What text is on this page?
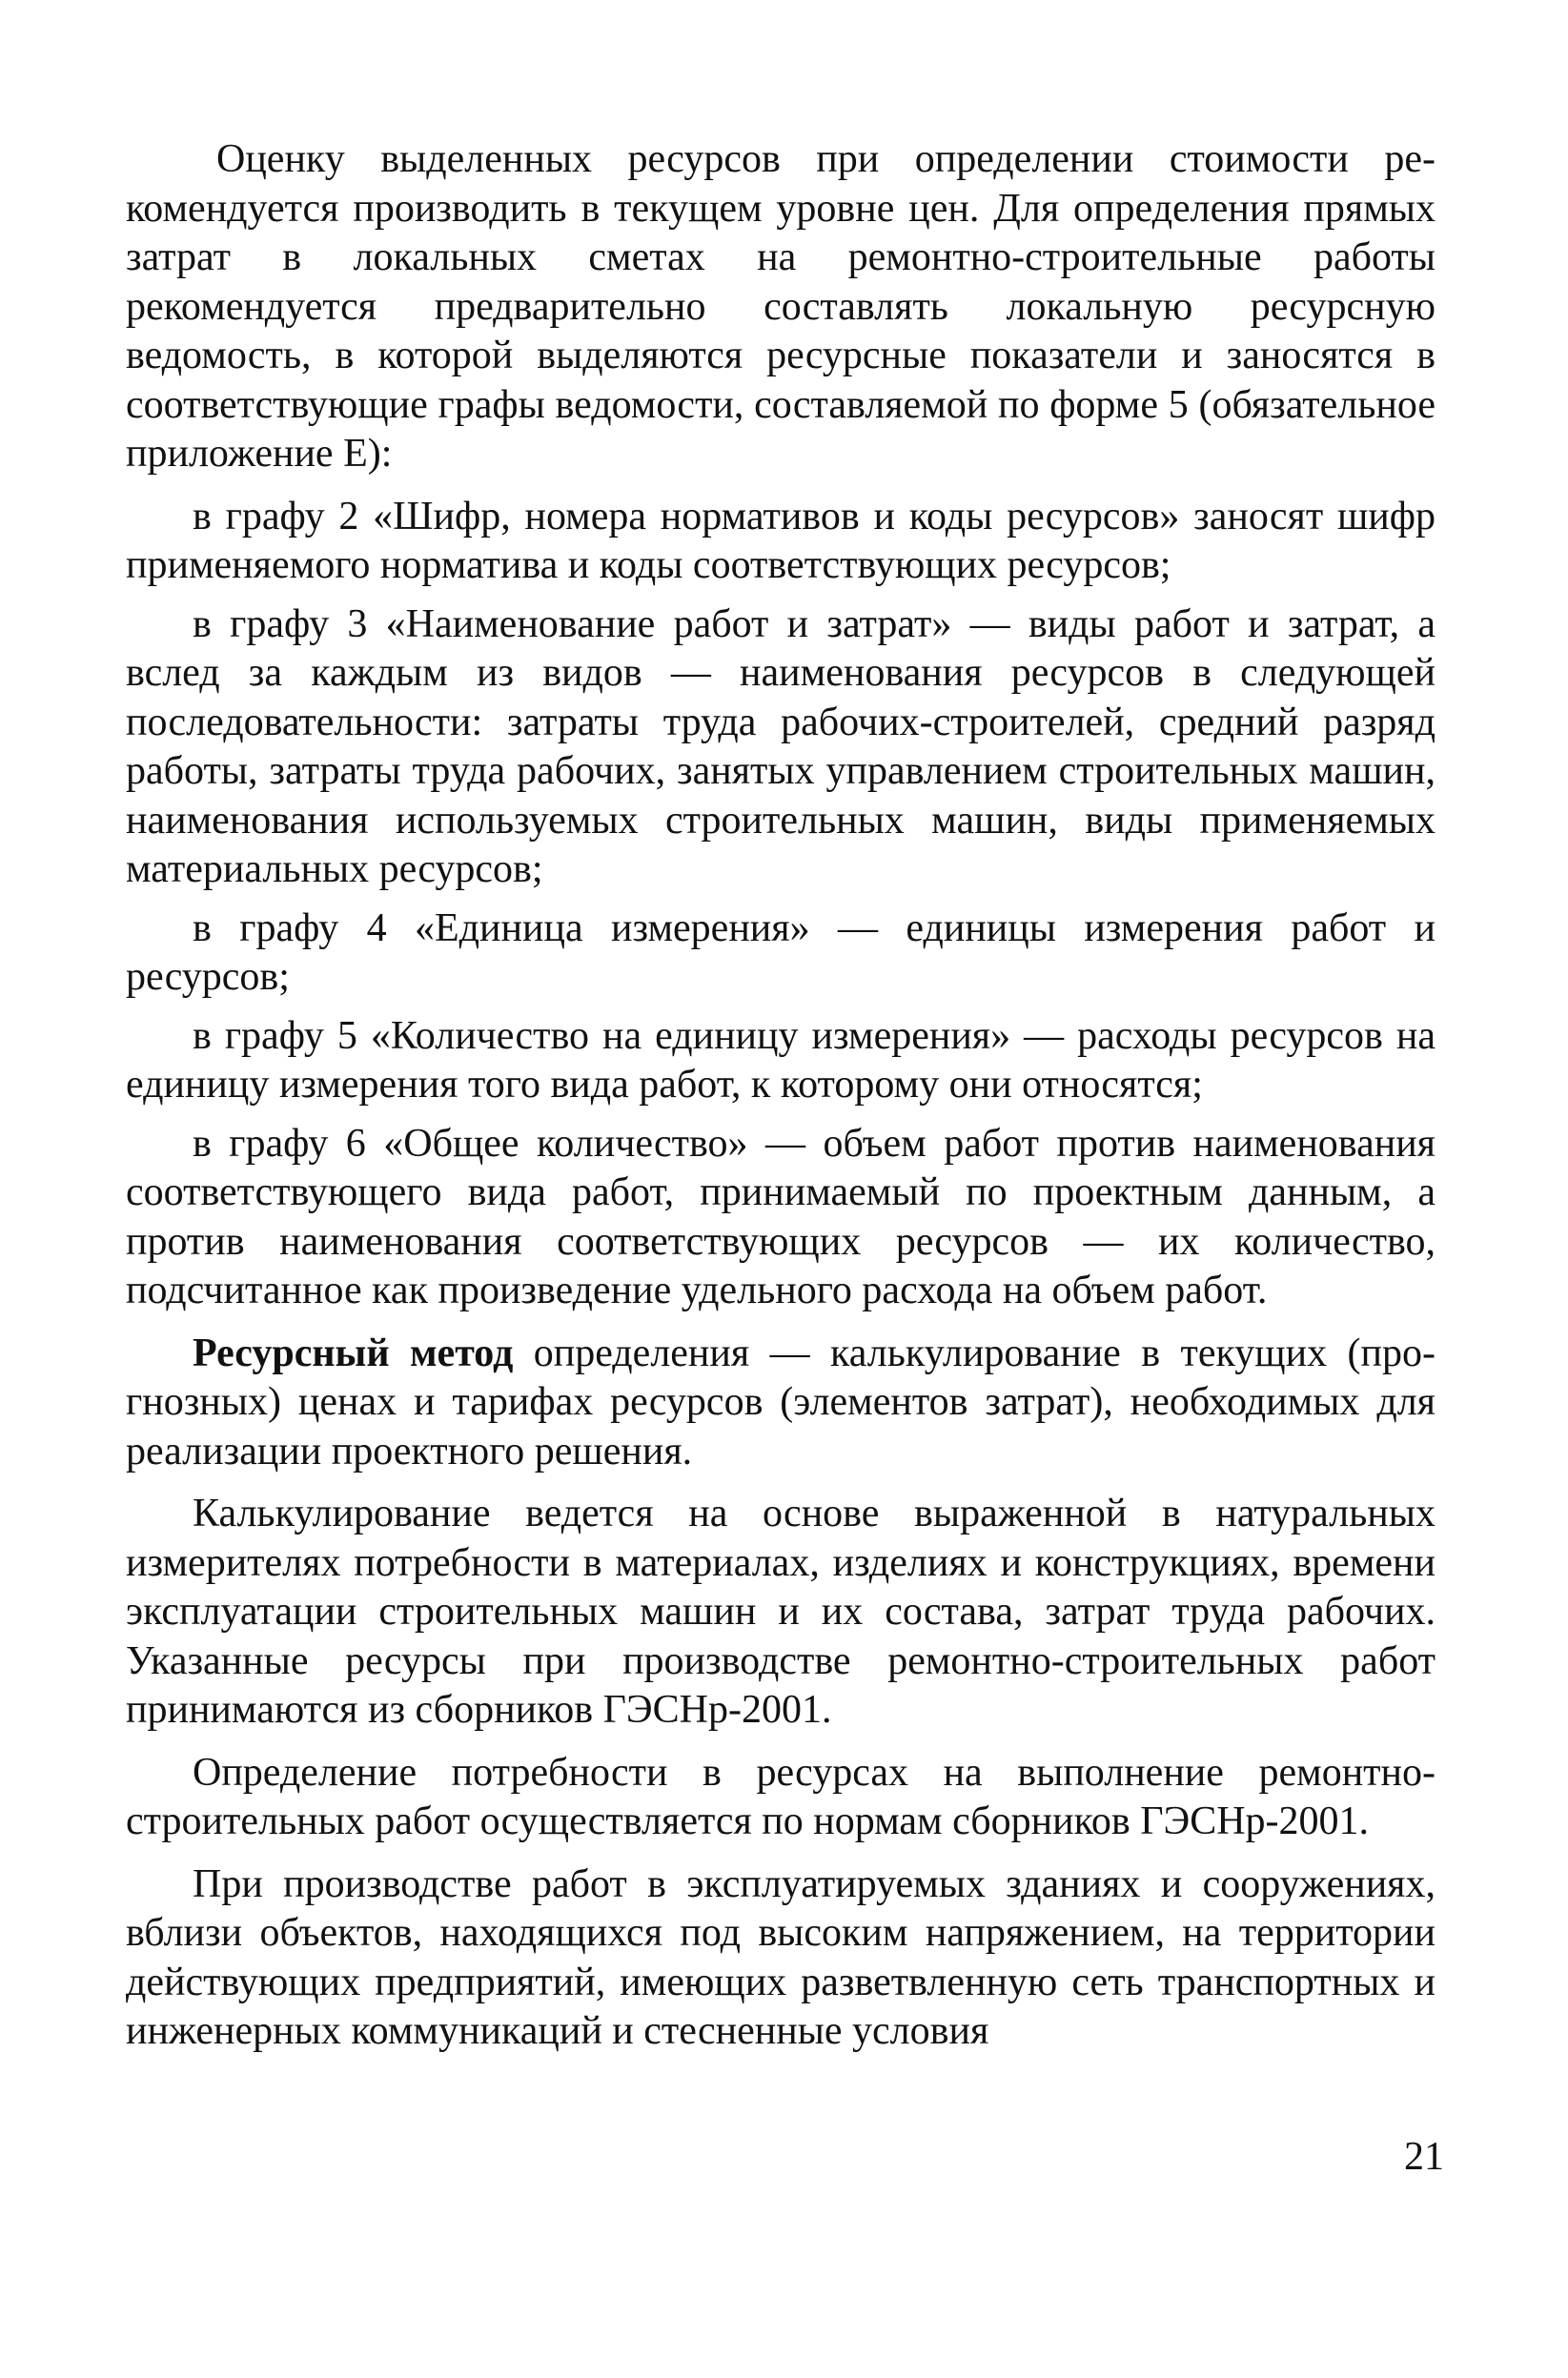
Оценку выделенных ресурсов при определении стоимости рекомендуется производить в текущем уровне цен. Для определения прямых затрат в локальных сметах на ремонтно-строительные работы рекомендуется предварительно составлять локальную ресурсную ведомость, в которой выделяются ресурсные показатели и заносятся в соответствующие графы ведомости, составляемой по форме 5 (обязательное приложение Е):

в графу 2 «Шифр, номера нормативов и коды ресурсов» заносят шифр применяемого норматива и коды соответствующих ресурсов;

в графу 3 «Наименование работ и затрат» — виды работ и затрат, а вслед за каждым из видов — наименования ресурсов в следующей последовательности: затраты труда рабочих-строителей, средний разряд работы, затраты труда рабочих, занятых управлением строительных машин, наименования используемых строительных машин, виды применяемых материальных ресурсов;

в графу 4 «Единица измерения» — единицы измерения работ и ресурсов;

в графу 5 «Количество на единицу измерения» — расходы ресурсов на единицу измерения того вида работ, к которому они относятся;

в графу 6 «Общее количество» — объем работ против наименования соответствующего вида работ, принимаемый по проектным данным, а против наименования соответствующих ресурсов — их количество, подсчитанное как произведение удельного расхода на объем работ.

Ресурсный метод определения — калькулирование в текущих (прогнозных) ценах и тарифах ресурсов (элементов затрат), необходимых для реализации проектного решения.

Калькулирование ведется на основе выраженной в натуральных измерителях потребности в материалах, изделиях и конструкциях, времени эксплуатации строительных машин и их состава, затрат труда рабочих. Указанные ресурсы при производстве ремонтно-строительных работ принимаются из сборников ГЭСНр-2001.

Определение потребности в ресурсах на выполнение ремонтно-строительных работ осуществляется по нормам сборников ГЭСНр-2001.

При производстве работ в эксплуатируемых зданиях и сооружениях, вблизи объектов, находящихся под высоким напряжением, на территории действующих предприятий, имеющих разветвленную сеть транспортных и инженерных коммуникаций и стесненные условия

21
